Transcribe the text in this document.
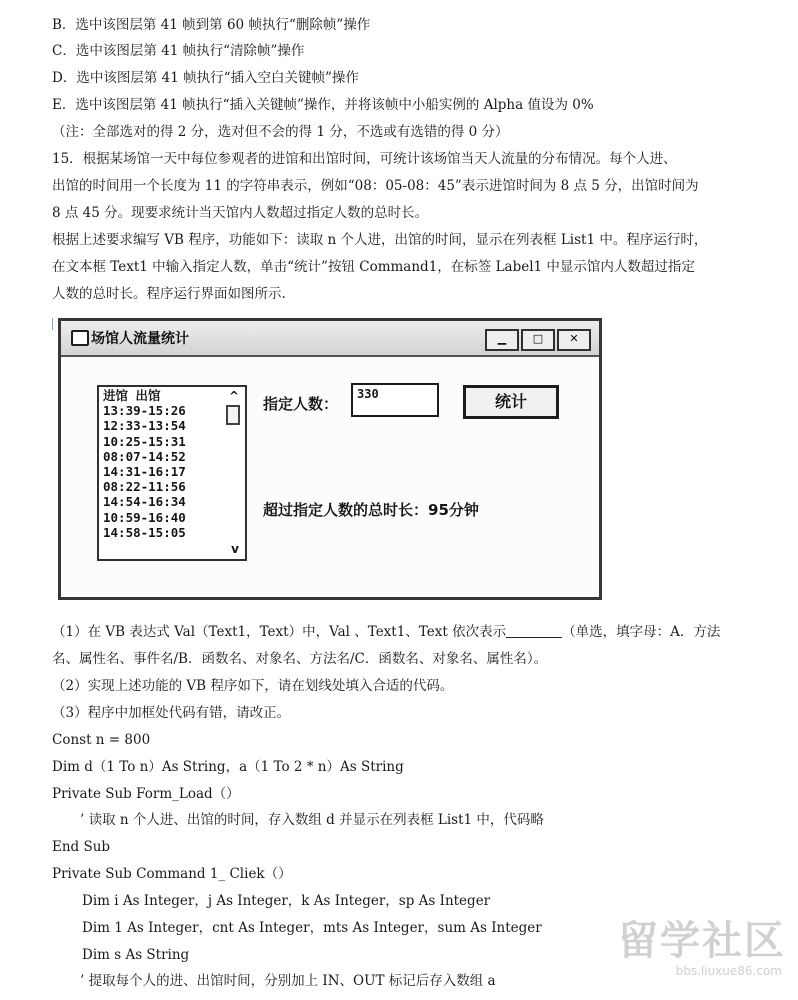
B．选中该图层第 41 帧到第 60 帧执行“删除帧”操作
C．选中该图层第 41 帧执行“清除帧”操作
D．选中该图层第 41 帧执行“插入空白关键帧”操作
E．选中该图层第 41 帧执行“插入关键帧”操作，并将该帧中小船实例的 Alpha 值设为 0%
（注：全部选对的得 2 分，选对但不会的得 1 分，不选或有选错的得 0 分）
15．根据某场馆一天中每位参观者的进馆和出馆时间，可统计该场馆当天人流量的分布情况。每个人进、
出馆的时间用一个长度为 11 的字符串表示，例如“08：05-08：45”表示进馆时间为 8 点 5 分，出馆时间为
8 点 45 分。现要求统计当天馆内人数超过指定人数的总时长。
根据上述要求编写 VB 程序，功能如下：读取 n 个人进，出馆的时间，显示在列表框 List1 中。程序运行时，
在文本框 Text1 中输入指定人数，单击“统计”按钮 Command1，在标签 Label1 中显示馆内人数超过指定
人数的总时长。程序运行界面如图所示.
场馆人流量统计	▁	□	✕
进馆 出馆
13:39-15:26
12:33-13:54
10:25-15:31
08:07-14:52
14:31-16:17
08:22-11:56
14:54-16:34
10:59-16:40
14:58-15:05
^
v
指定人数：
330	统计
超过指定人数的总时长：95分钟
（1）在 VB 表达式 Val（Text1，Text）中，Val 、Text1、Text 依次表示	（单选，填字母：A．方法
名、属性名、事件名/B．函数名、对象名、方法名/C．函数名、对象名、属性名）。
（2）实现上述功能的 VB 程序如下，请在划线处填入合适的代码。
（3）程序中加框处代码有错，请改正。
Const n = 800
Dim d（1 To n）As String，a（1 To 2 * n）As String
Private Sub Form_Load（）
’ 读取 n 个人进、出馆的时间，存入数组 d 并显示在列表框 List1 中，代码略
End Sub
Private Sub Command 1_ Cliek（）
Dim i As Integer，j As Integer，k As Integer，sp As Integer
Dim 1 As Integer，cnt As Integer，mts As Integer，sum As Integer
Dim s As String
’ 提取每个人的进、出馆时间，分别加上 IN、OUT 标记后存入数组 a
留学社区
bbs.liuxue86.com
